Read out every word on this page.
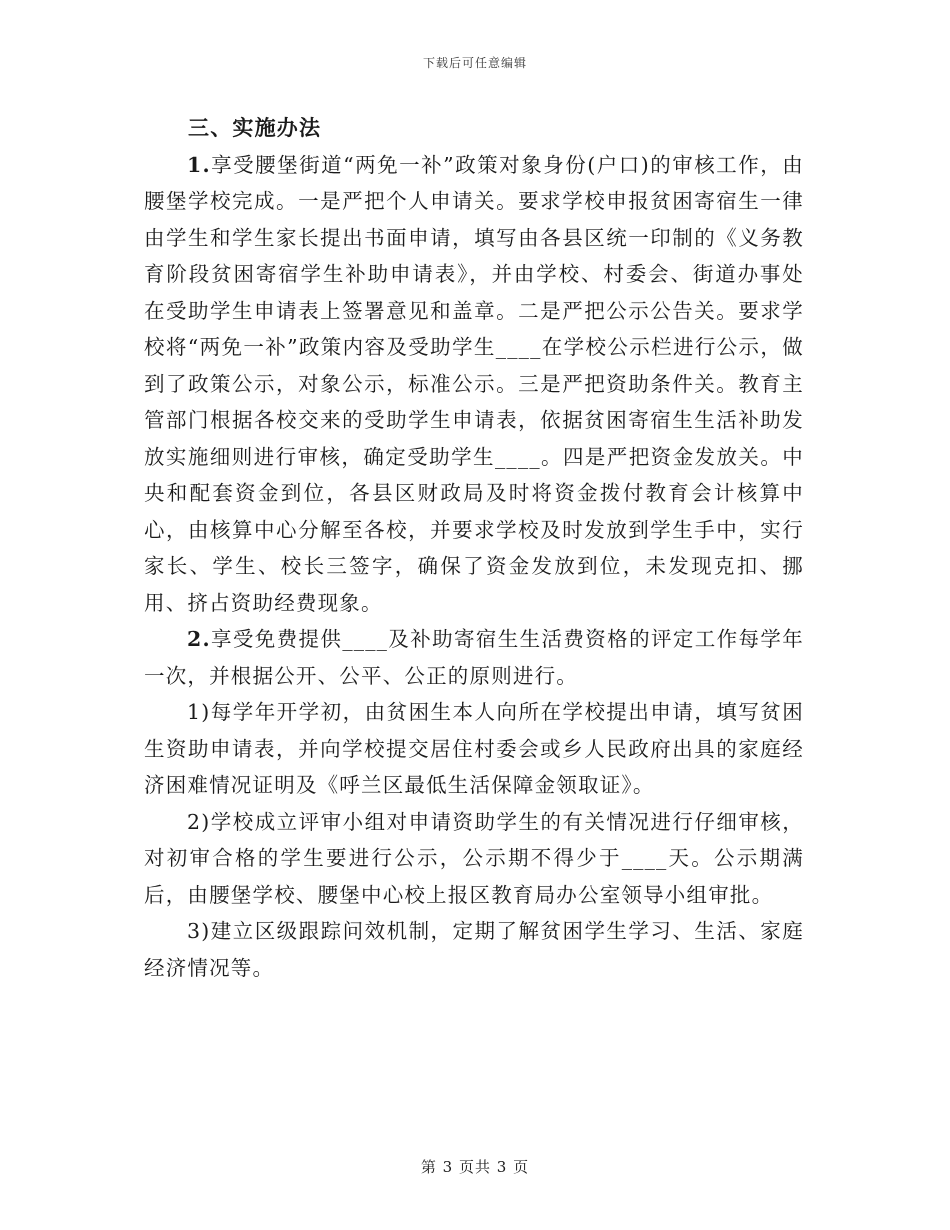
下载后可任意编辑

三、实施办法

1.享受腰堡街道“两免一补”政策对象身份(户口)的审核工作，由腰堡学校完成。一是严把个人申请关。要求学校申报贫困寄宿生一律由学生和学生家长提出书面申请，填写由各县区统一印制的《义务教育阶段贫困寄宿学生补助申请表》，并由学校、村委会、街道办事处在受助学生申请表上签署意见和盖章。二是严把公示公告关。要求学校将“两免一补”政策内容及受助学生____在学校公示栏进行公示，做到了政策公示，对象公示，标准公示。三是严把资助条件关。教育主管部门根据各校交来的受助学生申请表，依据贫困寄宿生生活补助发放实施细则进行审核，确定受助学生____。四是严把资金发放关。中央和配套资金到位，各县区财政局及时将资金拨付教育会计核算中心，由核算中心分解至各校，并要求学校及时发放到学生手中，实行家长、学生、校长三签字，确保了资金发放到位，未发现克扣、挪用、挤占资助经费现象。

2.享受免费提供____及补助寄宿生生活费资格的评定工作每学年一次，并根据公开、公平、公正的原则进行。

1)每学年开学初，由贫困生本人向所在学校提出申请，填写贫困生资助申请表，并向学校提交居住村委会或乡人民政府出具的家庭经济困难情况证明及《呼兰区最低生活保障金领取证》。

2)学校成立评审小组对申请资助学生的有关情况进行仔细审核，对初审合格的学生要进行公示，公示期不得少于____天。公示期满后，由腰堡学校、腰堡中心校上报区教育局办公室领导小组审批。

3)建立区级跟踪问效机制，定期了解贫困学生学习、生活、家庭经济情况等。

第 3 页共 3 页
